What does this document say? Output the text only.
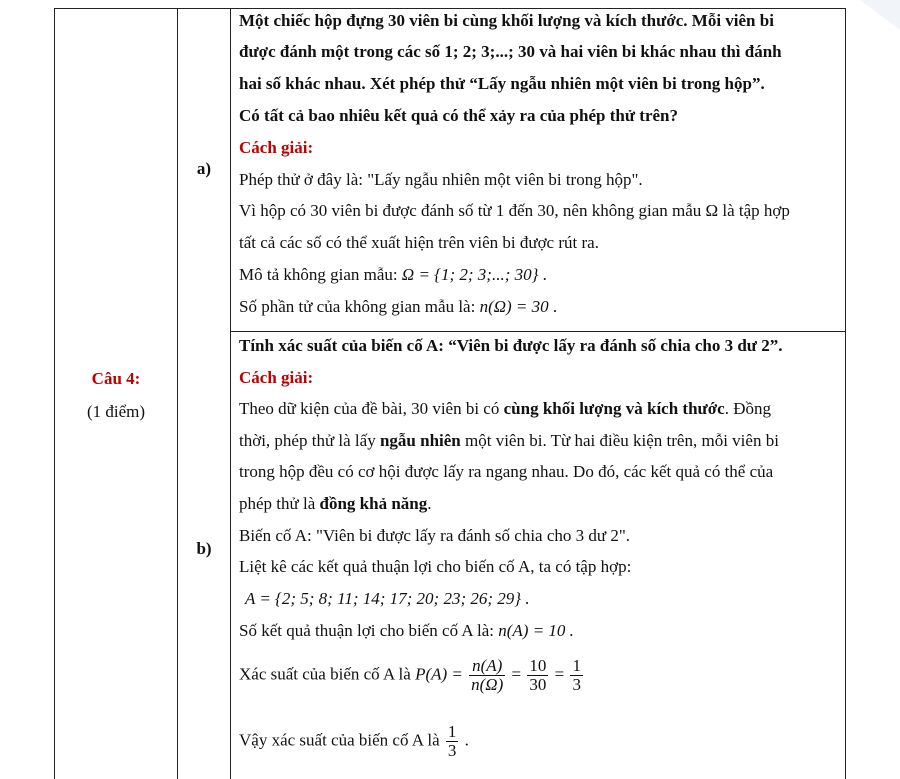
Câu 4:
(1 điểm)
a)
b)
Một chiếc hộp đựng 30 viên bi cùng khối lượng và kích thước. Mỗi viên bi
được đánh một trong các số 1; 2; 3;...; 30 và hai viên bi khác nhau thì đánh
hai số khác nhau. Xét phép thử “Lấy ngẫu nhiên một viên bi trong hộp”.
Có tất cả bao nhiêu kết quả có thể xảy ra của phép thử trên?
Cách giải:
Phép thử ở đây là: "Lấy ngẫu nhiên một viên bi trong hộp".
Vì hộp có 30 viên bi được đánh số từ 1 đến 30, nên không gian mẫu Ω là tập hợp
tất cả các số có thể xuất hiện trên viên bi được rút ra.
Mô tả không gian mẫu: Ω = {1; 2; 3;...; 30} .
Số phần tử của không gian mẫu là: n(Ω) = 30 .
Tính xác suất của biến cố A: “Viên bi được lấy ra đánh số chia cho 3 dư 2”.
Cách giải:
Theo dữ kiện của đề bài, 30 viên bi có cùng khối lượng và kích thước. Đồng
thời, phép thử là lấy ngẫu nhiên một viên bi. Từ hai điều kiện trên, mỗi viên bi
trong hộp đều có cơ hội được lấy ra ngang nhau. Do đó, các kết quả có thể của
phép thử là đồng khả năng.
Biến cố A: "Viên bi được lấy ra đánh số chia cho 3 dư 2".
Liệt kê các kết quả thuận lợi cho biến cố A, ta có tập hợp:
A = {2; 5; 8; 11; 14; 17; 20; 23; 26; 29} .
Số kết quả thuận lợi cho biến cố A là: n(A) = 10 .
Xác suất của biến cố A là $P(A) = \frac{n(A)}{n(\Omega)} = \frac{10}{30} = \frac{1}{3}$
Vậy xác suất của biến cố A là $\frac{1}{3}$ .
